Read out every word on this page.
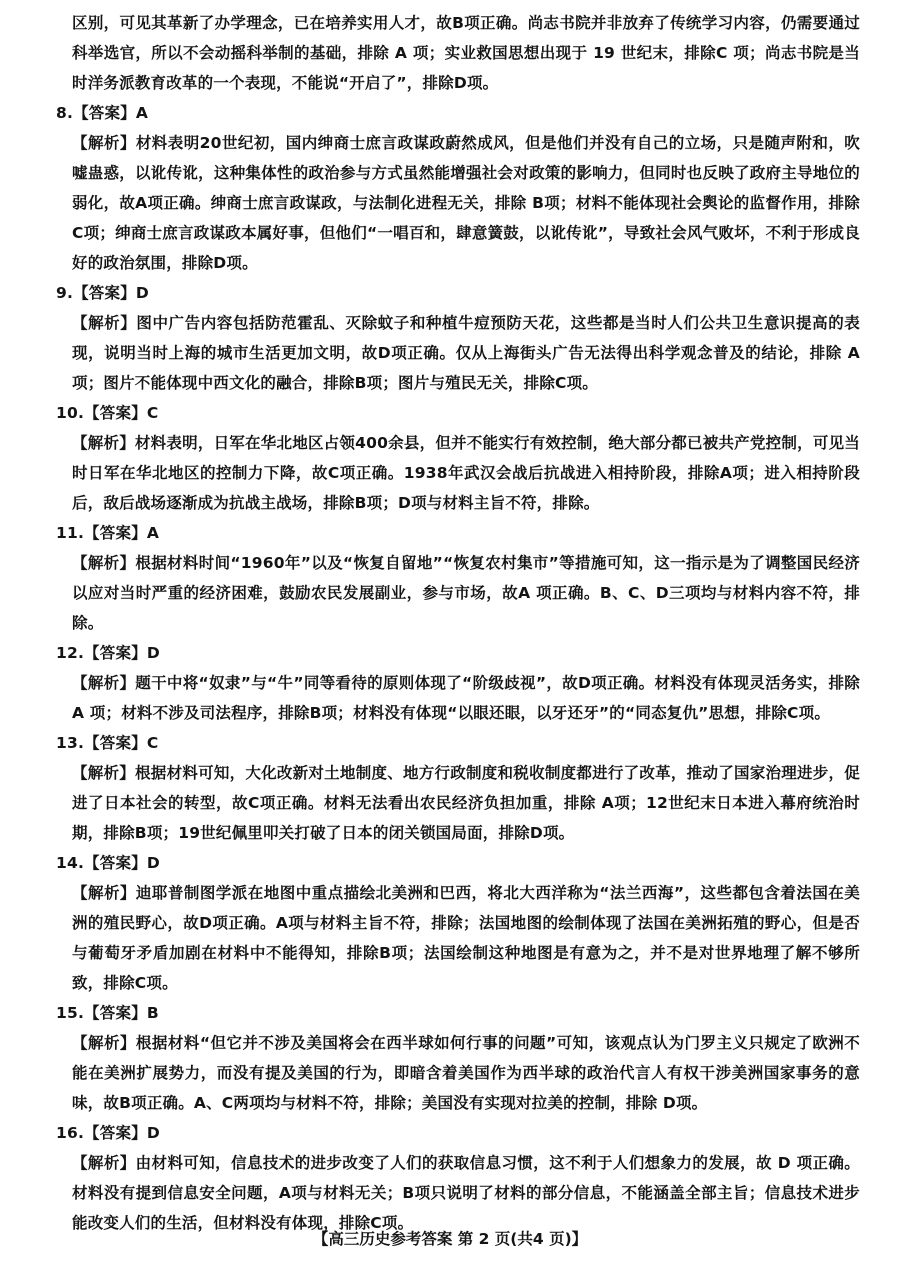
区别，可见其革新了办学理念，已在培养实用人才，故B项正确。尚志书院并非放弃了传统学习内容，仍需要通过科举选官，所以不会动摇科举制的基础，排除 A 项；实业救国思想出现于 19 世纪末，排除C 项；尚志书院是当时洋务派教育改革的一个表现，不能说“开启了”，排除D项。
8.【答案】A
【解析】材料表明20世纪初，国内绅商士庶言政谋政蔚然成风，但是他们并没有自己的立场，只是随声附和，吹嘘蛊惑，以讹传讹，这种集体性的政治参与方式虽然能增强社会对政策的影响力，但同时也反映了政府主导地位的弱化，故A项正确。绅商士庶言政谋政，与法制化进程无关，排除 B项；材料不能体现社会舆论的监督作用，排除C项；绅商士庶言政谋政本属好事，但他们“一唱百和，肆意簧鼓，以讹传讹”，导致社会风气败坏，不利于形成良好的政治氛围，排除D项。
9.【答案】D
【解析】图中广告内容包括防范霍乱、灭除蚊子和种植牛痘预防天花，这些都是当时人们公共卫生意识提高的表现，说明当时上海的城市生活更加文明，故D项正确。仅从上海街头广告无法得出科学观念普及的结论，排除 A项；图片不能体现中西文化的融合，排除B项；图片与殖民无关，排除C项。
10.【答案】C
【解析】材料表明，日军在华北地区占领400余县，但并不能实行有效控制，绝大部分都已被共产党控制，可见当时日军在华北地区的控制力下降，故C项正确。1938年武汉会战后抗战进入相持阶段，排除A项；进入相持阶段后，敌后战场逐渐成为抗战主战场，排除B项；D项与材料主旨不符，排除。
11.【答案】A
【解析】根据材料时间“1960年”以及“恢复自留地”“恢复农村集市”等措施可知，这一指示是为了调整国民经济以应对当时严重的经济困难，鼓励农民发展副业，参与市场，故A 项正确。B、C、D三项均与材料内容不符，排除。
12.【答案】D
【解析】题干中将“奴隶”与“牛”同等看待的原则体现了“阶级歧视”，故D项正确。材料没有体现灵活务实，排除 A 项；材料不涉及司法程序，排除B项；材料没有体现“以眼还眼，以牙还牙”的“同态复仇”思想，排除C项。
13.【答案】C
【解析】根据材料可知，大化改新对土地制度、地方行政制度和税收制度都进行了改革，推动了国家治理进步，促进了日本社会的转型，故C项正确。材料无法看出农民经济负担加重，排除 A项；12世纪末日本进入幕府统治时期，排除B项；19世纪佩里叩关打破了日本的闭关锁国局面，排除D项。
14.【答案】D
【解析】迪耶普制图学派在地图中重点描绘北美洲和巴西，将北大西洋称为“法兰西海”，这些都包含着法国在美洲的殖民野心，故D项正确。A项与材料主旨不符，排除；法国地图的绘制体现了法国在美洲拓殖的野心，但是否与葡萄牙矛盾加剧在材料中不能得知，排除B项；法国绘制这种地图是有意为之，并不是对世界地理了解不够所致，排除C项。
15.【答案】B
【解析】根据材料“但它并不涉及美国将会在西半球如何行事的问题”可知，该观点认为门罗主义只规定了欧洲不能在美洲扩展势力，而没有提及美国的行为，即暗含着美国作为西半球的政治代言人有权干涉美洲国家事务的意味，故B项正确。A、C两项均与材料不符，排除；美国没有实现对拉美的控制，排除 D项。
16.【答案】D
【解析】由材料可知，信息技术的进步改变了人们的获取信息习惯，这不利于人们想象力的发展，故 D 项正确。材料没有提到信息安全问题，A项与材料无关；B项只说明了材料的部分信息，不能涵盖全部主旨；信息技术进步能改变人们的生活，但材料没有体现，排除C项。
【高三历史参考答案 第 2 页(共4 页)】
